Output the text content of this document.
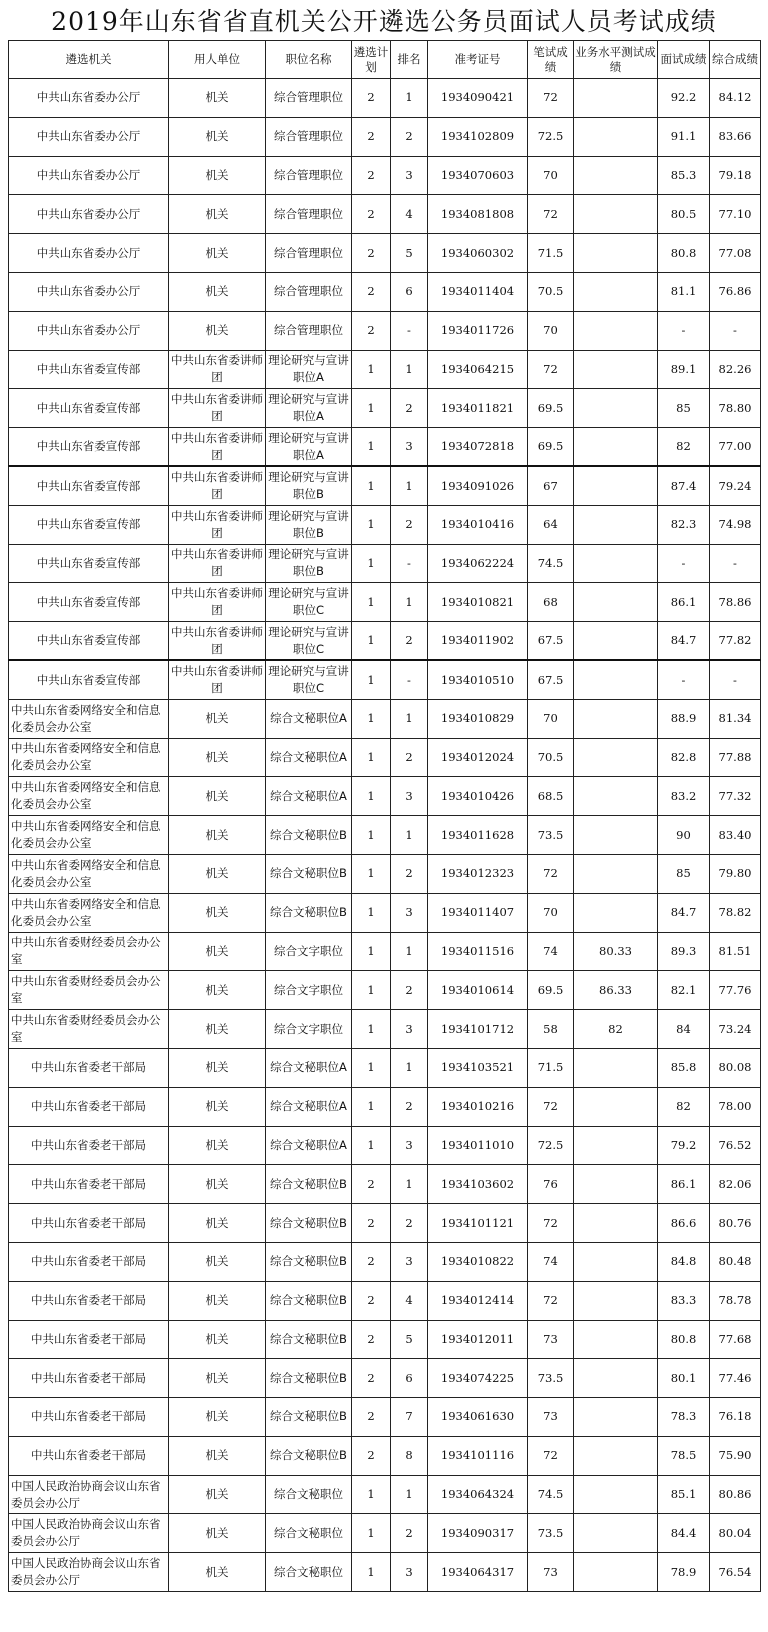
2019年山东省省直机关公开遴选公务员面试人员考试成绩
遴选机关	用人单位	职位名称	遴选计划	排名	准考证号	笔试成绩	业务水平测试成绩	面试成绩	综合成绩
中共山东省委办公厅	机关	综合管理职位	2	1	1934090421	72		92.2	84.12
中共山东省委办公厅	机关	综合管理职位	2	2	1934102809	72.5		91.1	83.66
中共山东省委办公厅	机关	综合管理职位	2	3	1934070603	70		85.3	79.18
中共山东省委办公厅	机关	综合管理职位	2	4	1934081808	72		80.5	77.10
中共山东省委办公厅	机关	综合管理职位	2	5	1934060302	71.5		80.8	77.08
中共山东省委办公厅	机关	综合管理职位	2	6	1934011404	70.5		81.1	76.86
中共山东省委办公厅	机关	综合管理职位	2	-	1934011726	70		-	-
中共山东省委宣传部	中共山东省委讲师团	理论研究与宣讲职位A	1	1	1934064215	72		89.1	82.26
中共山东省委宣传部	中共山东省委讲师团	理论研究与宣讲职位A	1	2	1934011821	69.5		85	78.80
中共山东省委宣传部	中共山东省委讲师团	理论研究与宣讲职位A	1	3	1934072818	69.5		82	77.00
中共山东省委宣传部	中共山东省委讲师团	理论研究与宣讲职位B	1	1	1934091026	67		87.4	79.24
中共山东省委宣传部	中共山东省委讲师团	理论研究与宣讲职位B	1	2	1934010416	64		82.3	74.98
中共山东省委宣传部	中共山东省委讲师团	理论研究与宣讲职位B	1	-	1934062224	74.5		-	-
中共山东省委宣传部	中共山东省委讲师团	理论研究与宣讲职位C	1	1	1934010821	68		86.1	78.86
中共山东省委宣传部	中共山东省委讲师团	理论研究与宣讲职位C	1	2	1934011902	67.5		84.7	77.82
中共山东省委宣传部	中共山东省委讲师团	理论研究与宣讲职位C	1	-	1934010510	67.5		-	-
中共山东省委网络安全和信息化委员会办公室	机关	综合文秘职位A	1	1	1934010829	70		88.9	81.34
中共山东省委网络安全和信息化委员会办公室	机关	综合文秘职位A	1	2	1934012024	70.5		82.8	77.88
中共山东省委网络安全和信息化委员会办公室	机关	综合文秘职位A	1	3	1934010426	68.5		83.2	77.32
中共山东省委网络安全和信息化委员会办公室	机关	综合文秘职位B	1	1	1934011628	73.5		90	83.40
中共山东省委网络安全和信息化委员会办公室	机关	综合文秘职位B	1	2	1934012323	72		85	79.80
中共山东省委网络安全和信息化委员会办公室	机关	综合文秘职位B	1	3	1934011407	70		84.7	78.82
中共山东省委财经委员会办公室	机关	综合文字职位	1	1	1934011516	74	80.33	89.3	81.51
中共山东省委财经委员会办公室	机关	综合文字职位	1	2	1934010614	69.5	86.33	82.1	77.76
中共山东省委财经委员会办公室	机关	综合文字职位	1	3	1934101712	58	82	84	73.24
中共山东省委老干部局	机关	综合文秘职位A	1	1	1934103521	71.5		85.8	80.08
中共山东省委老干部局	机关	综合文秘职位A	1	2	1934010216	72		82	78.00
中共山东省委老干部局	机关	综合文秘职位A	1	3	1934011010	72.5		79.2	76.52
中共山东省委老干部局	机关	综合文秘职位B	2	1	1934103602	76		86.1	82.06
中共山东省委老干部局	机关	综合文秘职位B	2	2	1934101121	72		86.6	80.76
中共山东省委老干部局	机关	综合文秘职位B	2	3	1934010822	74		84.8	80.48
中共山东省委老干部局	机关	综合文秘职位B	2	4	1934012414	72		83.3	78.78
中共山东省委老干部局	机关	综合文秘职位B	2	5	1934012011	73		80.8	77.68
中共山东省委老干部局	机关	综合文秘职位B	2	6	1934074225	73.5		80.1	77.46
中共山东省委老干部局	机关	综合文秘职位B	2	7	1934061630	73		78.3	76.18
中共山东省委老干部局	机关	综合文秘职位B	2	8	1934101116	72		78.5	75.90
中国人民政治协商会议山东省委员会办公厅	机关	综合文秘职位	1	1	1934064324	74.5		85.1	80.86
中国人民政治协商会议山东省委员会办公厅	机关	综合文秘职位	1	2	1934090317	73.5		84.4	80.04
中国人民政治协商会议山东省委员会办公厅	机关	综合文秘职位	1	3	1934064317	73		78.9	76.54
